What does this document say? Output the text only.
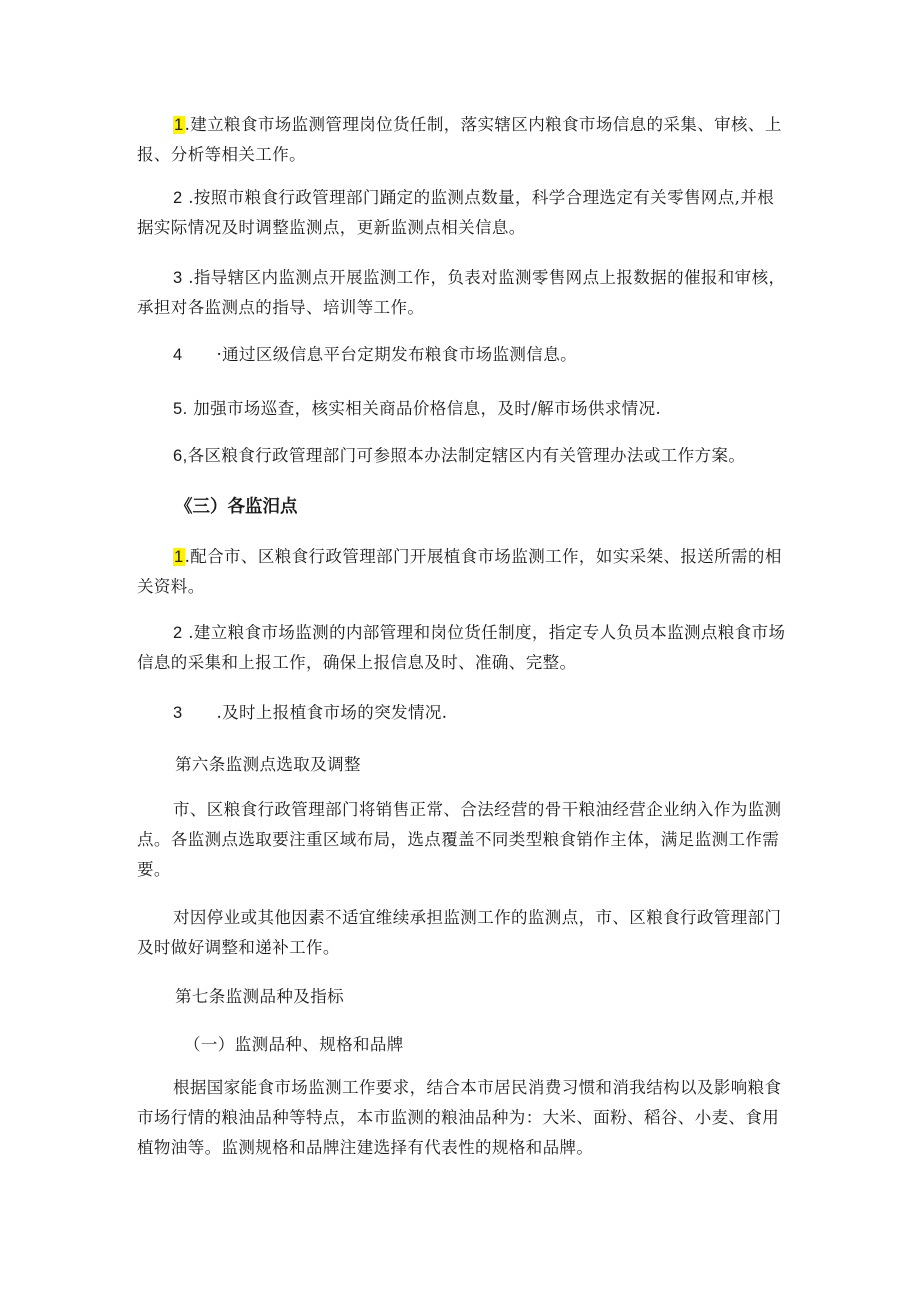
1.建立粮食市场监测管理岗位货任制，落实辖区内粮食市场信息的采集、审核、上报、分析等相关工作。

2 .按照市粮食行政管理部门踊定的监测点数量，科学合理选定有关零售网点,并根据实际情况及时调整监测点，更新监测点相关信息。

3 .指导辖区内监测点开展监测工作，负表对监测零售网点上报数据的催报和审核，承担对各监测点的指导、培训等工作。

4      ·通过区级信息平台定期发布粮食市场监测信息。

5. 加强市场巡查，核实相关商品价格信息，及时/解市场供求情况.

6,各区粮食行政管理部门可参照本办法制定辖区内有关管理办法或工作方案。

《三）各监汨点

1.配合市、区粮食行政管理部门开展植食市场监测工作，如实采桀、报送所需的相关资料。

2 .建立粮食市场监测的内部管理和岗位货任制度，指定专人负员本监测点粮食市场信息的采集和上报工作，确保上报信息及时、准确、完整。

3      .及时上报植食市场的突发情况.

第六条监测点选取及调整

市、区粮食行政管理部门将销售正常、合法经营的骨干粮油经营企业纳入作为监测点。各监测点选取要注重区域布局，选点覆盖不同类型粮食销作主体，满足监测工作需要。

对因停业或其他因素不适宜维续承担监测工作的监测点，市、区粮食行政管理部门及时做好调整和递补工作。

第七条监测品种及指标

（一）监测品种、规格和品牌

根据国家能食市场监测工作要求，结合本市居民消费习惯和消我结构以及影响粮食市场行情的粮油品种等特点，本市监测的粮油品种为：大米、面粉、稻谷、小麦、食用植物油等。监测规格和品牌注建选择有代表性的规格和品牌。
